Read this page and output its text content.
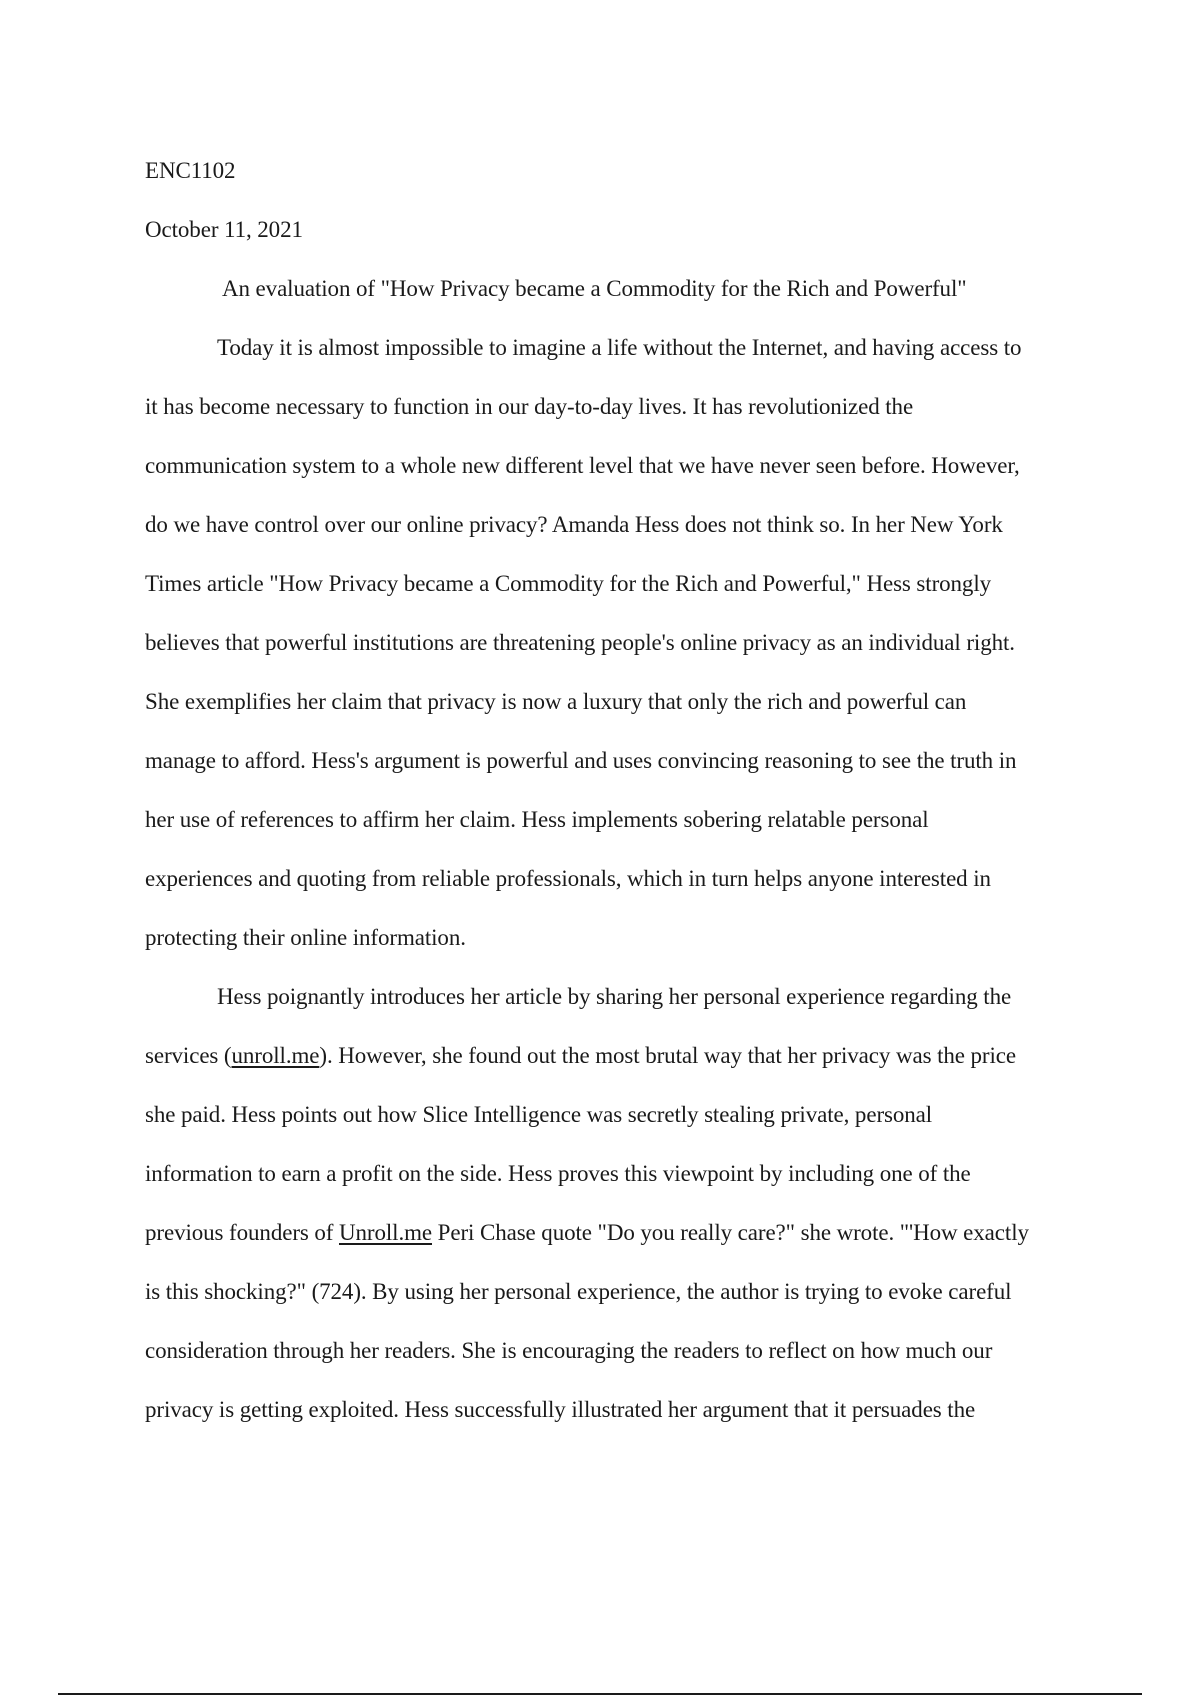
ENC1102
October 11, 2021
An evaluation of "How Privacy became a Commodity for the Rich and Powerful"
Today it is almost impossible to imagine a life without the Internet, and having access to
it has become necessary to function in our day-to-day lives. It has revolutionized the
communication system to a whole new different level that we have never seen before. However,
do we have control over our online privacy? Amanda Hess does not think so. In her New York
Times article "How Privacy became a Commodity for the Rich and Powerful," Hess strongly
believes that powerful institutions are threatening people's online privacy as an individual right.
She exemplifies her claim that privacy is now a luxury that only the rich and powerful can
manage to afford. Hess's argument is powerful and uses convincing reasoning to see the truth in
her use of references to affirm her claim. Hess implements sobering relatable personal
experiences and quoting from reliable professionals, which in turn helps anyone interested in
protecting their online information.
Hess poignantly introduces her article by sharing her personal experience regarding the
services (unroll.me). However, she found out the most brutal way that her privacy was the price
she paid. Hess points out how Slice Intelligence was secretly stealing private, personal
information to earn a profit on the side. Hess proves this viewpoint by including one of the
previous founders of Unroll.me Peri Chase quote "Do you really care?" she wrote. "'How exactly
is this shocking?" (724). By using her personal experience, the author is trying to evoke careful
consideration through her readers. She is encouraging the readers to reflect on how much our
privacy is getting exploited. Hess successfully illustrated her argument that it persuades the
